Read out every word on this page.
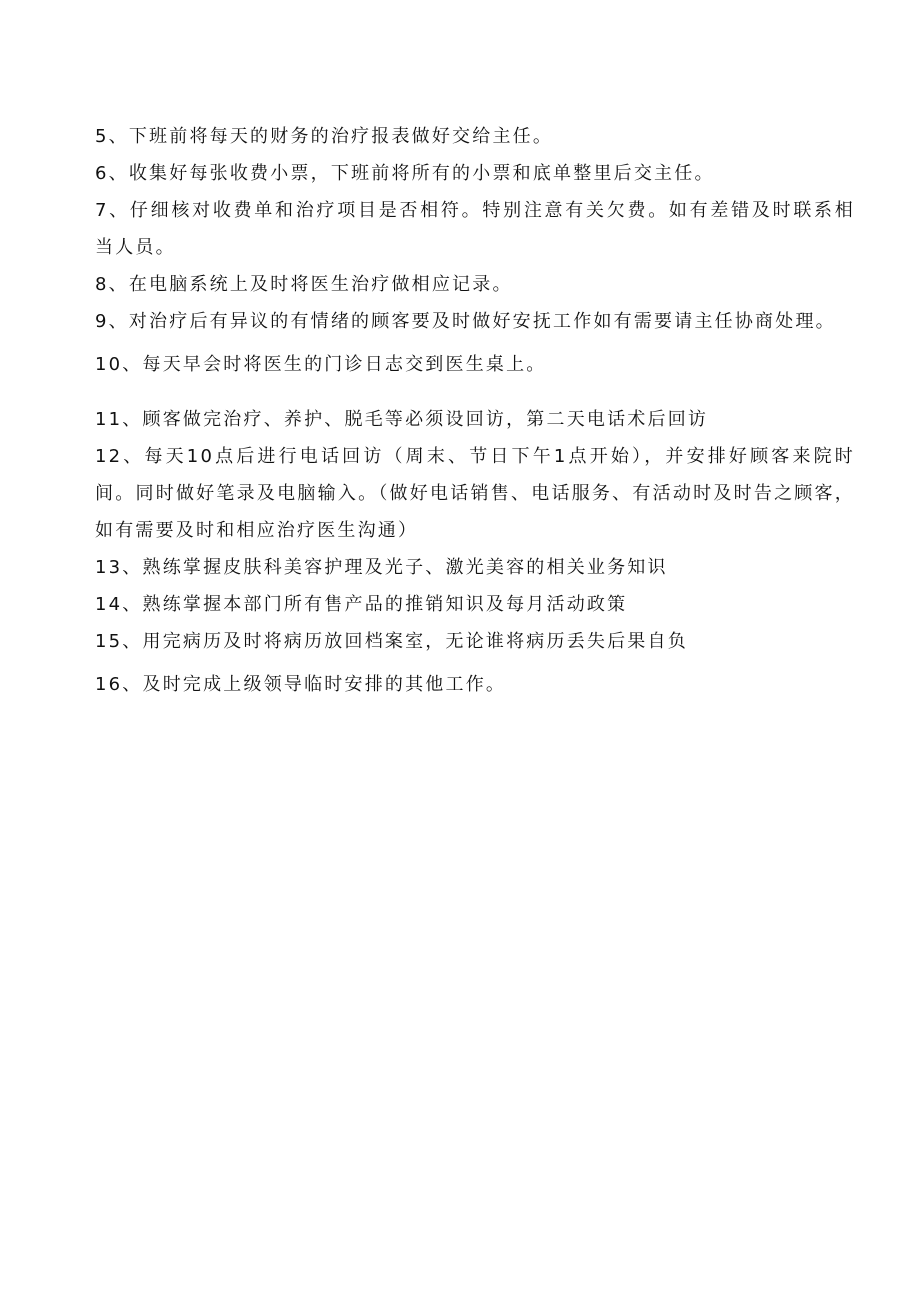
5、下班前将每天的财务的治疗报表做好交给主任。

6、收集好每张收费小票，下班前将所有的小票和底单整里后交主任。

7、仔细核对收费单和治疗项目是否相符。特别注意有关欠费。如有差错及时联系相当人员。

8、在电脑系统上及时将医生治疗做相应记录。

9、对治疗后有异议的有情绪的顾客要及时做好安抚工作如有需要请主任协商处理。

10、每天早会时将医生的门诊日志交到医生桌上。

11、顾客做完治疗、养护、脱毛等必须设回访，第二天电话术后回访

12、每天10点后进行电话回访（周末、节日下午1点开始），并安排好顾客来院时间。同时做好笔录及电脑输入。（做好电话销售、电话服务、有活动时及时告之顾客，如有需要及时和相应治疗医生沟通）

13、熟练掌握皮肤科美容护理及光子、激光美容的相关业务知识

14、熟练掌握本部门所有售产品的推销知识及每月活动政策

15、用完病历及时将病历放回档案室，无论谁将病历丢失后果自负

16、及时完成上级领导临时安排的其他工作。
